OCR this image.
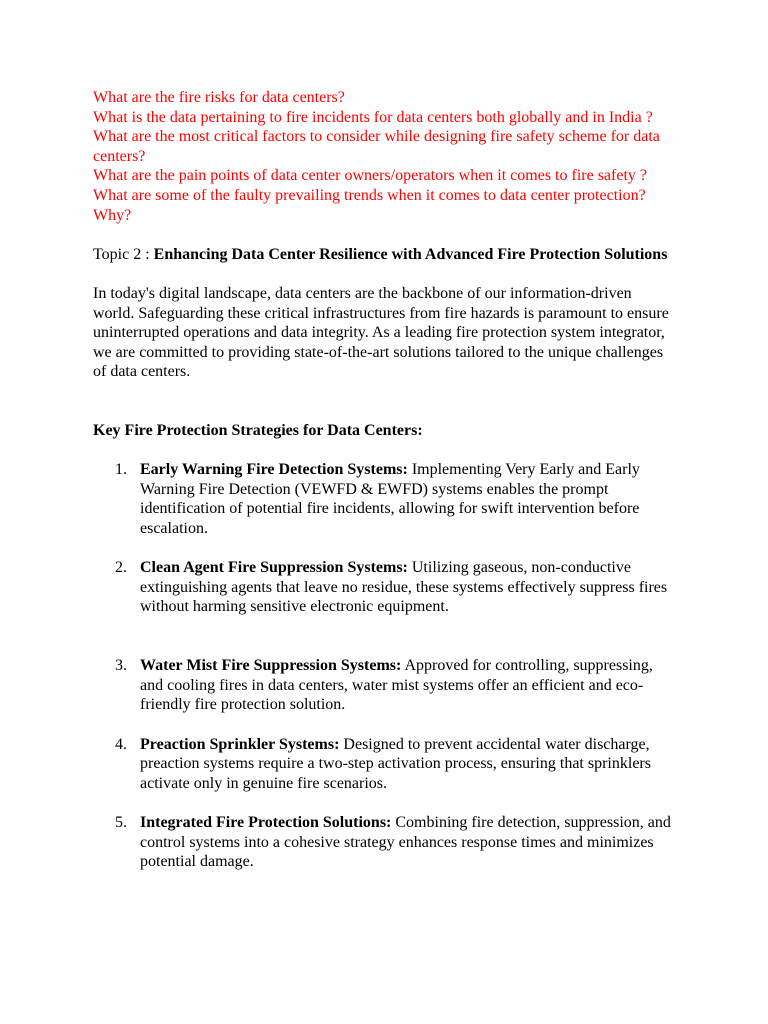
What are the fire risks for data centers?

What is the data pertaining to fire incidents for data centers both globally and in India ?

What are the most critical factors to consider while designing fire safety scheme for data centers?

What are the pain points of data center owners/operators when it comes to fire safety ?

What are some of the faulty prevailing trends when it comes to data center protection? Why?

Topic 2 : Enhancing Data Center Resilience with Advanced Fire Protection Solutions

In today's digital landscape, data centers are the backbone of our information-driven world. Safeguarding these critical infrastructures from fire hazards is paramount to ensure uninterrupted operations and data integrity. As a leading fire protection system integrator, we are committed to providing state-of-the-art solutions tailored to the unique challenges of data centers.

Key Fire Protection Strategies for Data Centers:

1. Early Warning Fire Detection Systems: Implementing Very Early and Early Warning Fire Detection (VEWFD & EWFD) systems enables the prompt identification of potential fire incidents, allowing for swift intervention before escalation.
2. Clean Agent Fire Suppression Systems: Utilizing gaseous, non-conductive extinguishing agents that leave no residue, these systems effectively suppress fires without harming sensitive electronic equipment.
3. Water Mist Fire Suppression Systems: Approved for controlling, suppressing, and cooling fires in data centers, water mist systems offer an efficient and eco-friendly fire protection solution.
4. Preaction Sprinkler Systems: Designed to prevent accidental water discharge, preaction systems require a two-step activation process, ensuring that sprinklers activate only in genuine fire scenarios.
5. Integrated Fire Protection Solutions: Combining fire detection, suppression, and control systems into a cohesive strategy enhances response times and minimizes potential damage.
